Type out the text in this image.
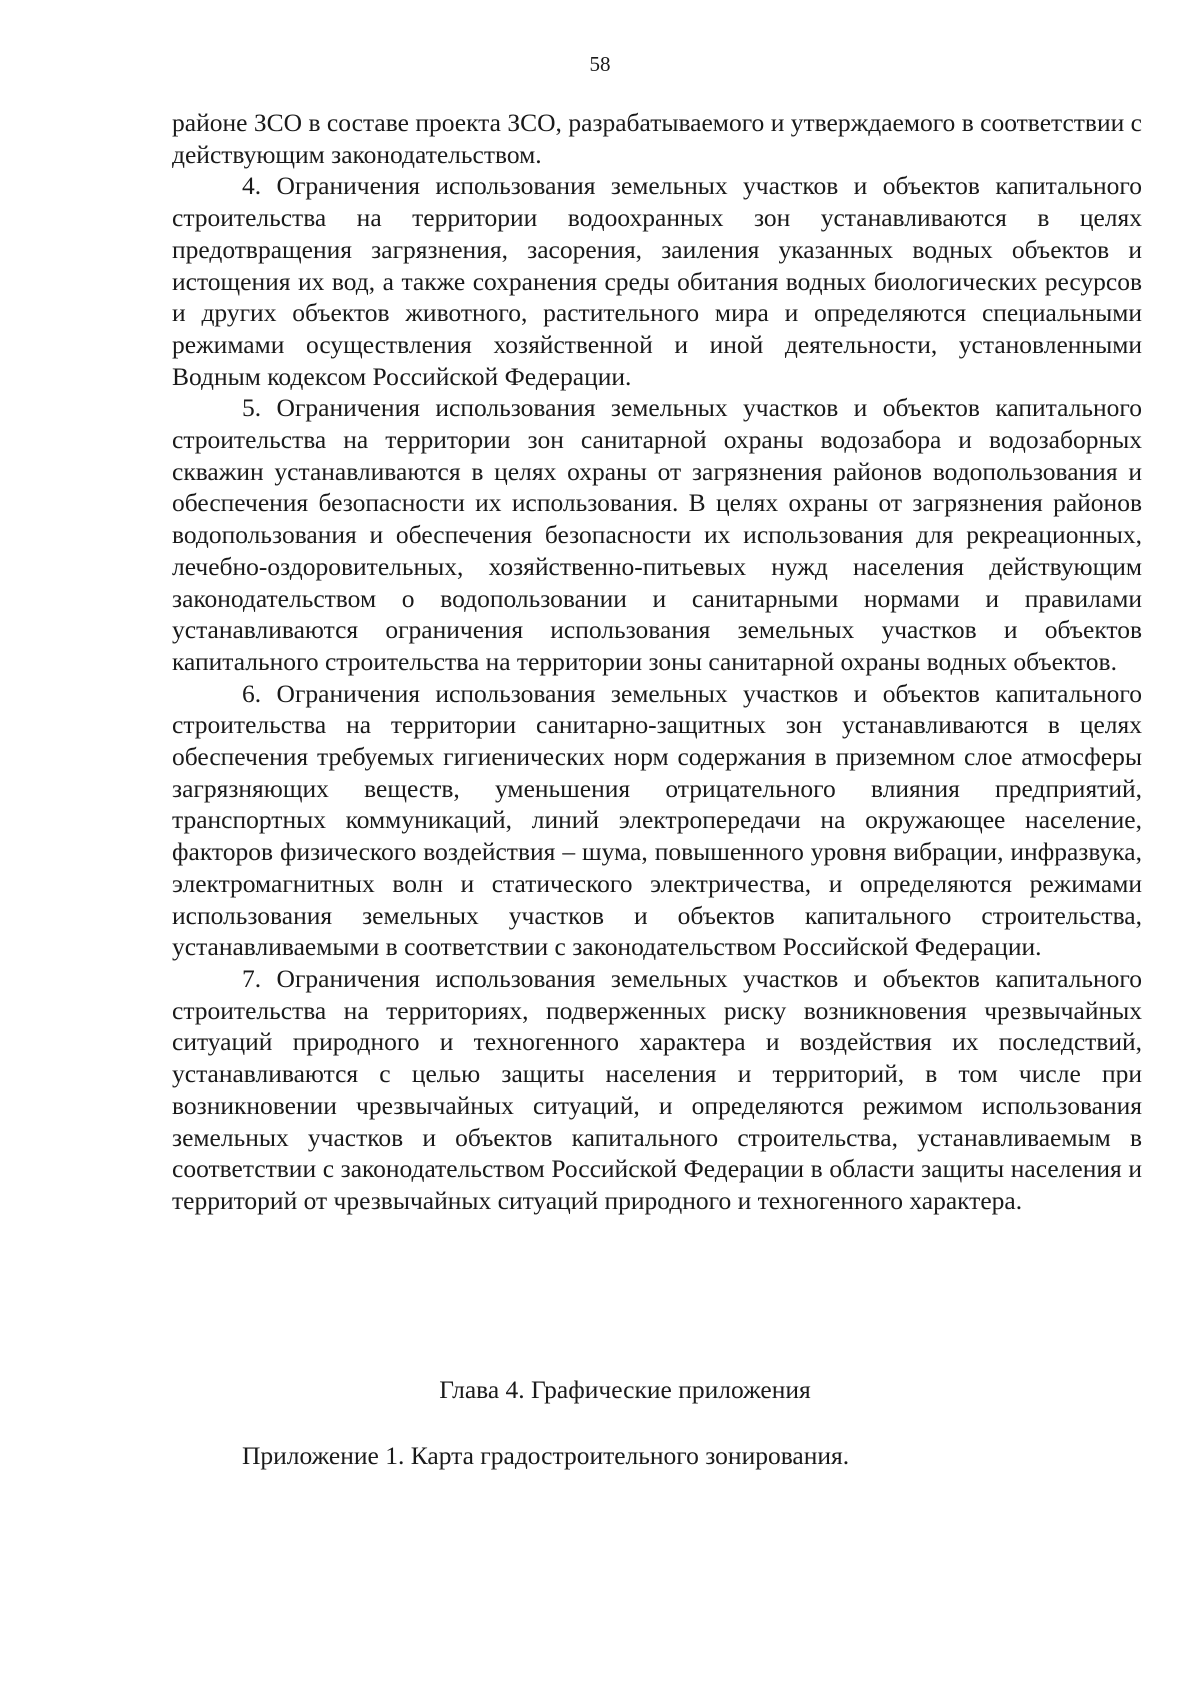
58

районе ЗСО в составе проекта ЗСО, разрабатываемого и утверждаемого в соответствии с действующим законодательством.

4. Ограничения использования земельных участков и объектов капитального строительства на территории водоохранных зон устанавливаются в целях предотвращения загрязнения, засорения, заиления указанных водных объектов и истощения их вод, а также сохранения среды обитания водных биологических ресурсов и других объектов животного, растительного мира и определяются специальными режимами осуществления хозяйственной и иной деятельности, установленными Водным кодексом Российской Федерации.

5. Ограничения использования земельных участков и объектов капитального строительства на территории зон санитарной охраны водозабора и водозаборных скважин устанавливаются в целях охраны от загрязнения районов водопользования и обеспечения безопасности их использования. В целях охраны от загрязнения районов водопользования и обеспечения безопасности их использования для рекреационных, лечебно-оздоровительных, хозяйственно-питьевых нужд населения действующим законодательством о водопользовании и санитарными нормами и правилами устанавливаются ограничения использования земельных участков и объектов капитального строительства на территории зоны санитарной охраны водных объектов.

6. Ограничения использования земельных участков и объектов капитального строительства на территории санитарно-защитных зон устанавливаются в целях обеспечения требуемых гигиенических норм содержания в приземном слое атмосферы загрязняющих веществ, уменьшения отрицательного влияния предприятий, транспортных коммуникаций, линий электропередачи на окружающее население, факторов физического воздействия – шума, повышенного уровня вибрации, инфразвука, электромагнитных волн и статического электричества, и определяются режимами использования земельных участков и объектов капитального строительства, устанавливаемыми в соответствии с законодательством Российской Федерации.

7. Ограничения использования земельных участков и объектов капитального строительства на территориях, подверженных риску возникновения чрезвычайных ситуаций природного и техногенного характера и воздействия их последствий, устанавливаются с целью защиты населения и территорий, в том числе при возникновении чрезвычайных ситуаций, и определяются режимом использования земельных участков и объектов капитального строительства, устанавливаемым в соответствии с законодательством Российской Федерации в области защиты населения и территорий от чрезвычайных ситуаций природного и техногенного характера.

Глава 4. Графические приложения
Приложение 1. Карта градостроительного зонирования.
